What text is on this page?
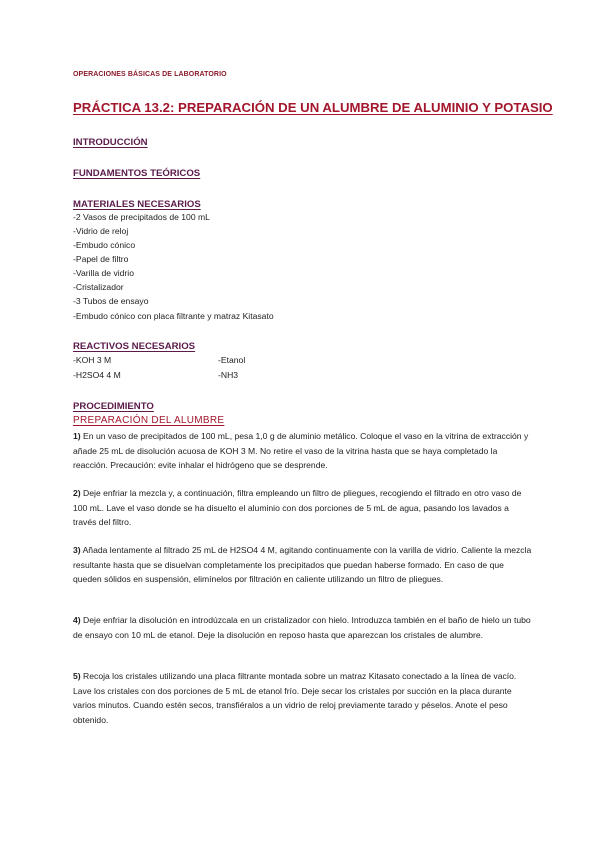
OPERACIONES BÁSICAS DE LABORATORIO
PRÁCTICA 13.2: PREPARACIÓN DE UN ALUMBRE DE ALUMINIO Y POTASIO
INTRODUCCIÓN
FUNDAMENTOS TEÓRICOS
MATERIALES NECESARIOS
-2 Vasos de precipitados de 100 mL
-Vidrio de reloj
-Embudo cónico
-Papel de filtro
-Varilla de vidrio
-Cristalizador
-3 Tubos de ensayo
-Embudo cónico con placa filtrante y matraz Kitasato
REACTIVOS NECESARIOS
-KOH 3 M	-Etanol
-H2SO4 4 M	-NH3
PROCEDIMIENTO
PREPARACIÓN DEL ALUMBRE
1) En un vaso de precipitados de 100 mL, pesa 1,0 g de aluminio metálico. Coloque el vaso en la vitrina de extracción y añade 25 mL de disolución acuosa de KOH 3 M. No retire el vaso de la vitrina hasta que se haya completado la reacción. Precaución: evite inhalar el hidrógeno que se desprende.
2) Deje enfriar la mezcla y, a continuación, filtra empleando un filtro de pliegues, recogiendo el filtrado en otro vaso de 100 mL. Lave el vaso donde se ha disuelto el aluminio con dos porciones de 5 mL de agua, pasando los lavados a través del filtro.
3) Añada lentamente al filtrado 25 mL de H2SO4 4 M, agitando continuamente con la varilla de vidrio. Caliente la mezcla resultante hasta que se disuelvan completamente los precipitados que puedan haberse formado. En caso de que queden sólidos en suspensión, elimínelos por filtración en caliente utilizando un filtro de pliegues.
4) Deje enfriar la disolución en introdúzcala en un cristalizador con hielo. Introduzca también en el baño de hielo un tubo de ensayo con 10 mL de etanol. Deje la disolución en reposo hasta que aparezcan los cristales de alumbre.
5) Recoja los cristales utilizando una placa filtrante montada sobre un matraz Kitasato conectado a la línea de vacío. Lave los cristales con dos porciones de 5 mL de etanol frío. Deje secar los cristales por succión en la placa durante varios minutos. Cuando estén secos, transfiéralos a un vidrio de reloj previamente tarado y péselos. Anote el peso obtenido.
